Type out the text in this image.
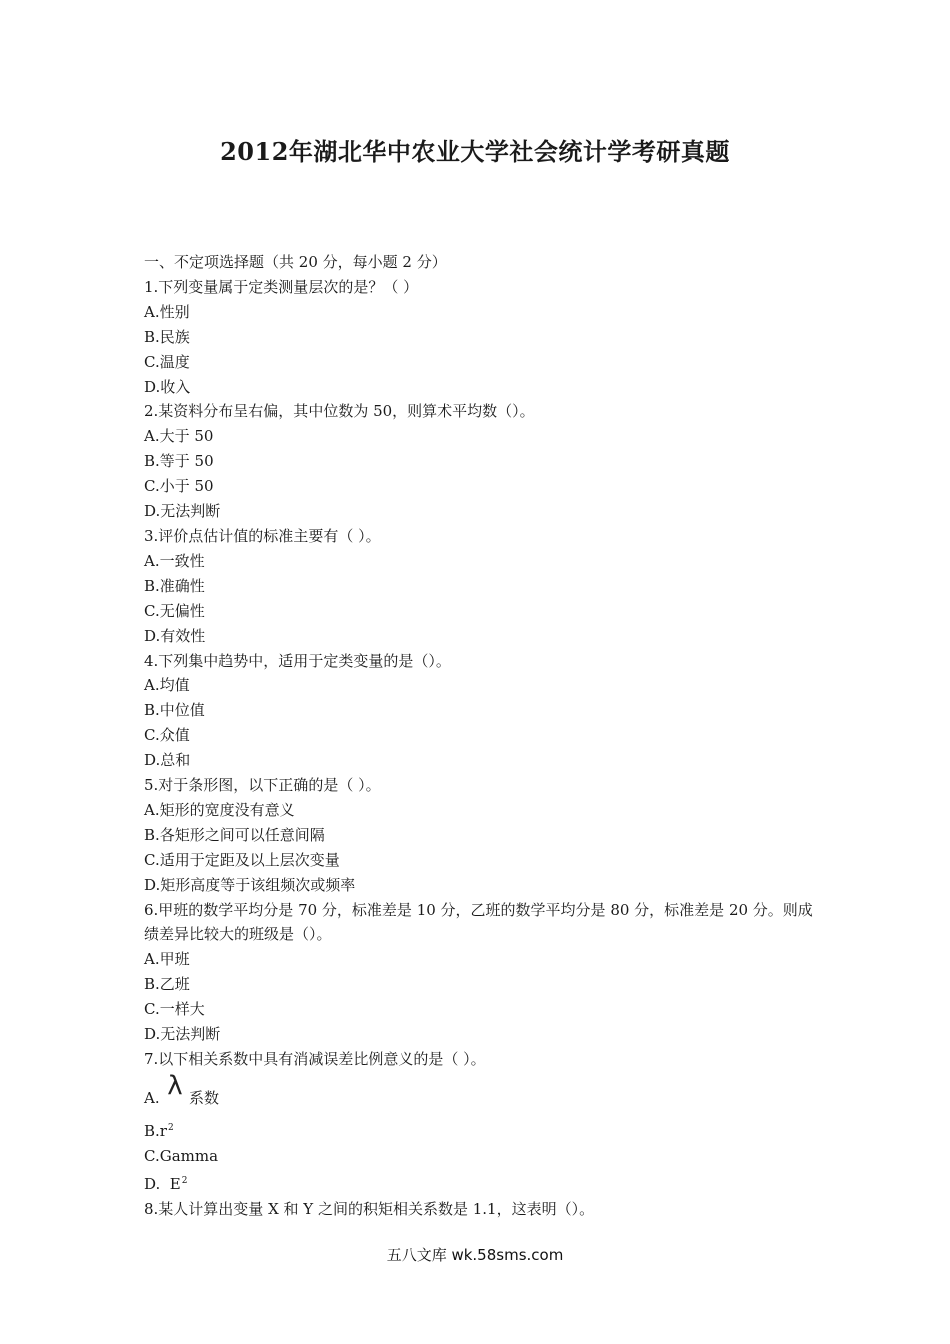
2012年湖北华中农业大学社会统计学考研真题
一、不定项选择题（共 20 分，每小题 2 分）
1.下列变量属于定类测量层次的是？（ ）
A.性别
B.民族
C.温度
D.收入
2.某资料分布呈右偏，其中位数为 50，则算术平均数（）。
A.大于 50
B.等于 50
C.小于 50
D.无法判断
3.评价点估计值的标准主要有（ ）。
A.一致性
B.准确性
C.无偏性
D.有效性
4.下列集中趋势中，适用于定类变量的是（）。
A.均值
B.中位值
C.众值
D.总和
5.对于条形图，以下正确的是（ ）。
A.矩形的宽度没有意义
B.各矩形之间可以任意间隔
C.适用于定距及以上层次变量
D.矩形高度等于该组频次或频率
6.甲班的数学平均分是 70 分，标准差是 10 分，乙班的数学平均分是 80 分，标准差是 20 分。则成绩差异比较大的班级是（）。
A.甲班
B.乙班
C.一样大
D.无法判断
7.以下相关系数中具有消减误差比例意义的是（ ）。
A. λ 系数
$B.r^2$
C.Gamma
D.  $E^2$
8.某人计算出变量 X 和 Y 之间的积矩相关系数是 1.1，这表明（）。
五八文库 wk.58sms.com
